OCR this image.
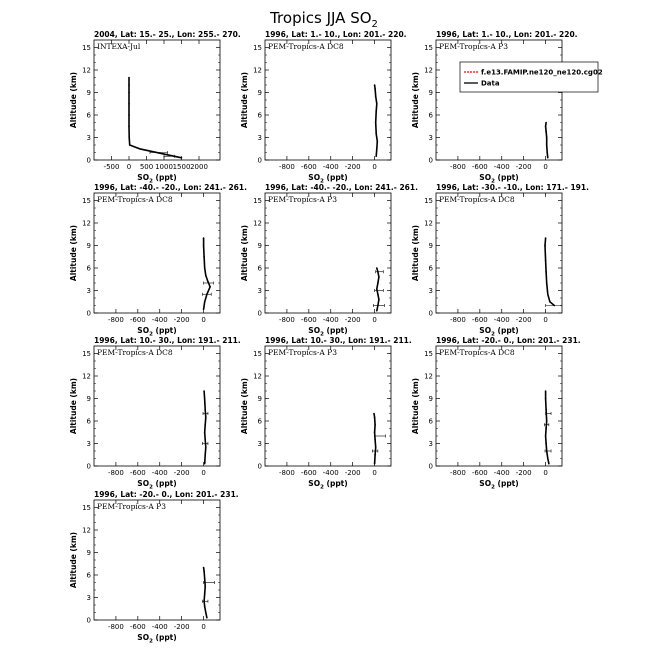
Tropics JJA $SO_2$
2004, Lat: 15.- 25., Lon: 255.- 270.
INTEXA-Jul
0
3
6
9
12
15
-500 0 500 1000 1500 2000
Altitude (km)
$SO_2$ (ppt)
1996, Lat: 1.- 10., Lon: 201.- 220.
PEM-Tropics-A DC8
0
3
6
9
12
15
-800 -600 -400 -200 0
Altitude (km)
$SO_2$ (ppt)
1996, Lat: 1.- 10., Lon: 201.- 220.
PEM-Tropics-A P3
0
3
6
9
12
15
-800 -600 -400 -200 0
Altitude (km)
$SO_2$ (ppt)
1996, Lat: -40.- -20., Lon: 241.- 261.
PEM-Tropics-A DC8
0
3
6
9
12
15
-800 -600 -400 -200 0
Altitude (km)
$SO_2$ (ppt)
1996, Lat: -40.- -20., Lon: 241.- 261.
PEM-Tropics-A P3
0
3
6
9
12
15
-800 -600 -400 -200 0
Altitude (km)
$SO_2$ (ppt)
1996, Lat: -30.- -10., Lon: 171.- 191.
PEM-Tropics-A DC8
0
3
6
9
12
15
-800 -600 -400 -200 0
Altitude (km)
$SO_2$ (ppt)
1996, Lat: 10.- 30., Lon: 191.- 211.
PEM-Tropics-A DC8
0
3
6
9
12
15
-800 -600 -400 -200 0
Altitude (km)
$SO_2$ (ppt)
1996, Lat: 10.- 30., Lon: 191.- 211.
PEM-Tropics-A P3
0
3
6
9
12
15
-800 -600 -400 -200 0
Altitude (km)
$SO_2$ (ppt)
1996, Lat: -20.- 0., Lon: 201.- 231.
PEM-Tropics-A DC8
0
3
6
9
12
15
-800 -600 -400 -200 0
Altitude (km)
$SO_2$ (ppt)
1996, Lat: -20.- 0., Lon: 201.- 231.
PEM-Tropics-A P3
0
3
6
9
12
15
-800 -600 -400 -200 0
Altitude (km)
$SO_2$ (ppt)
f.e13.FAMIP.ne120_ne120.cg02
Data
